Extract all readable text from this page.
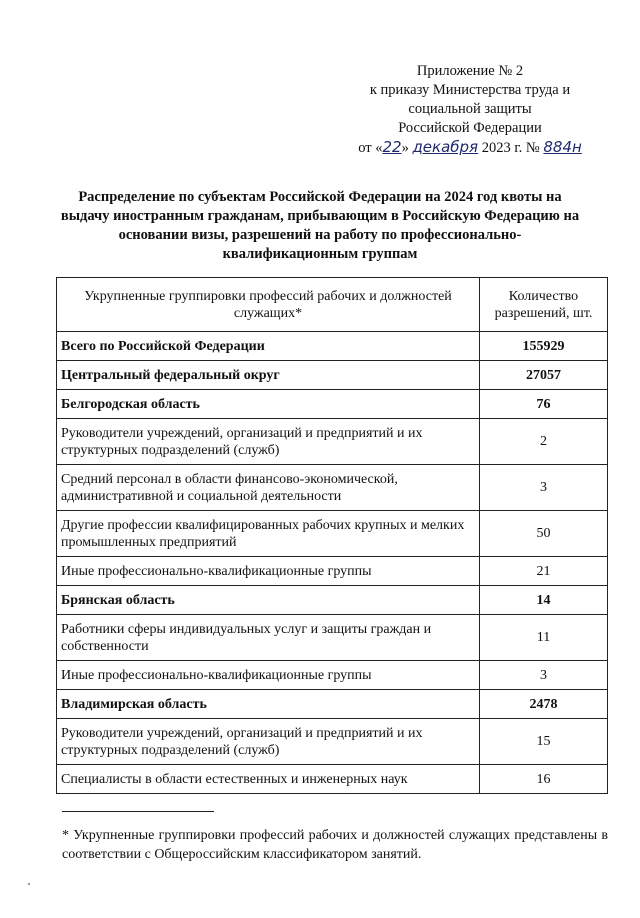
Приложение № 2
к приказу Министерства труда и
социальной защиты
Российской Федерации
от « 22 »
декабря
2023 г. №
884н
Распределение по субъектам Российской Федерации на 2024 год квоты на выдачу иностранным гражданам, прибывающим в Российскую Федерацию на основании визы, разрешений на работу по профессионально-квалификационным группам
Укрупненные группировки профессий рабочих и должностей служащих*	Количество разрешений, шт.
Всего по Российской Федерации	155929
Центральный федеральный округ	27057
Белгородская область	76
Руководители учреждений, организаций и предприятий и их структурных подразделений (служб)	2
Средний персонал в области финансово-экономической, административной и социальной деятельности	3
Другие профессии квалифицированных рабочих крупных и мелких промышленных предприятий	50
Иные профессионально-квалификационные группы	21
Брянская область	14
Работники сферы индивидуальных услуг и защиты граждан и собственности	11
Иные профессионально-квалификационные группы	3
Владимирская область	2478
Руководители учреждений, организаций и предприятий и их структурных подразделений (служб)	15
Специалисты в области естественных и инженерных наук	16
* Укрупненные группировки профессий рабочих и должностей служащих представлены в соответствии с Общероссийским классификатором занятий.
